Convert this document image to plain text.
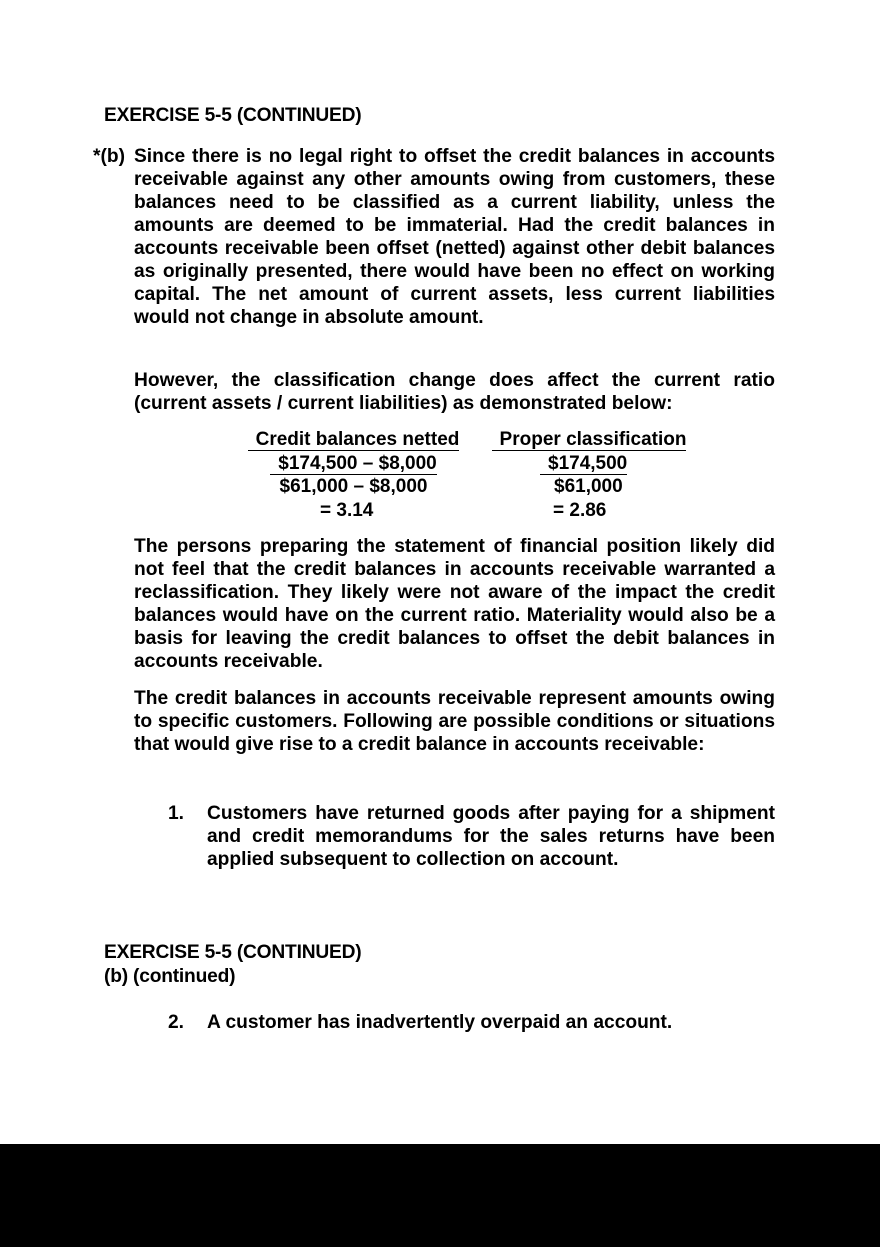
EXERCISE 5-5 (CONTINUED)
*(b) Since there is no legal right to offset the credit balances in accounts receivable against any other amounts owing from customers, these balances need to be classified as a current liability, unless the amounts are deemed to be immaterial. Had the credit balances in accounts receivable been offset (netted) against other debit balances as originally presented, there would have been no effect on working capital. The net amount of current assets, less current liabilities would not change in absolute amount.
However, the classification change does affect the current ratio (current assets / current liabilities) as demonstrated below:
Credit balances netted
$174,500 – $8,000
$61,000 – $8,000
= 3.14
Proper classification
$174,500
$61,000
= 2.86
The persons preparing the statement of financial position likely did not feel that the credit balances in accounts receivable warranted a reclassification. They likely were not aware of the impact the credit balances would have on the current ratio. Materiality would also be a basis for leaving the credit balances to offset the debit balances in accounts receivable.
The credit balances in accounts receivable represent amounts owing to specific customers. Following are possible conditions or situations that would give rise to a credit balance in accounts receivable:
1. Customers have returned goods after paying for a shipment and credit memorandums for the sales returns have been applied subsequent to collection on account.
EXERCISE 5-5 (CONTINUED)
(b) (continued)
2. A customer has inadvertently overpaid an account.
